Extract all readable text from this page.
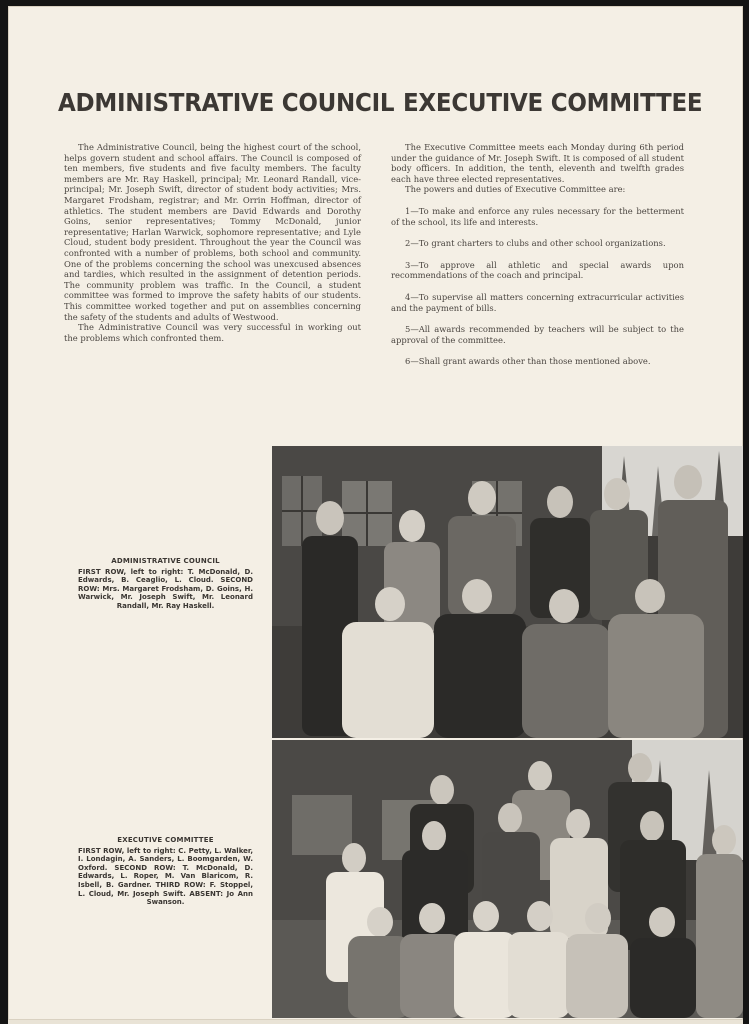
ADMINISTRATIVE COUNCIL EXECUTIVE COMMITTEE

The Administrative Council, being the highest court of the school, helps govern student and school affairs. The Council is composed of ten members, five students and five faculty members. The faculty members are Mr. Ray Haskell, principal; Mr. Leonard Randall, vice-principal; Mr. Joseph Swift, director of student body activities; Mrs. Margaret Frodsham, registrar; and Mr. Orrin Hoffman, director of athletics. The student members are David Edwards and Dorothy Goins, senior representatives; Tommy McDonald, junior representative; Harlan Warwick, sophomore representative; and Lyle Cloud, student body president. Throughout the year the Council was confronted with a number of problems, both school and community. One of the problems concerning the school was unexcused absences and tardies, which resulted in the assignment of detention periods. The community problem was traffic. In the Council, a student committee was formed to improve the safety habits of our students. This committee worked together and put on assemblies concerning the safety of the students and adults of Westwood.

The Administrative Council was very successful in working out the problems which confronted them.

The Executive Committee meets each Monday during 6th period under the guidance of Mr. Joseph Swift. It is composed of all student body officers. In addition, the tenth, eleventh and twelfth grades each have three elected representatives.

The powers and duties of Executive Committee are:

1—To make and enforce any rules necessary for the betterment of the school, its life and interests.

2—To grant charters to clubs and other school organizations.

3—To approve all athletic and special awards upon recommendations of the coach and principal.

4—To supervise all matters concerning extracurricular activities and the payment of bills.

5—All awards recommended by teachers will be subject to the approval of the committee.

6—Shall grant awards other than those mentioned above.

ADMINISTRATIVE COUNCIL
FIRST ROW, left to right: T. McDonald, D. Edwards, B. Ceaglio, L. Cloud. SECOND ROW: Mrs. Margaret Frodsham, D. Goins, H. Warwick, Mr. Joseph Swift, Mr. Leonard Randall, Mr. Ray Haskell.
EXECUTIVE COMMITTEE
FIRST ROW, left to right: C. Petty, L. Walker, I. Londagin, A. Sanders, L. Boomgarden, W. Oxford. SECOND ROW: T. McDonald, D. Edwards, L. Roper, M. Van Blaricom, R. Isbell, B. Gardner. THIRD ROW: F. Stoppel, L. Cloud, Mr. Joseph Swift. ABSENT: Jo Ann Swanson.
